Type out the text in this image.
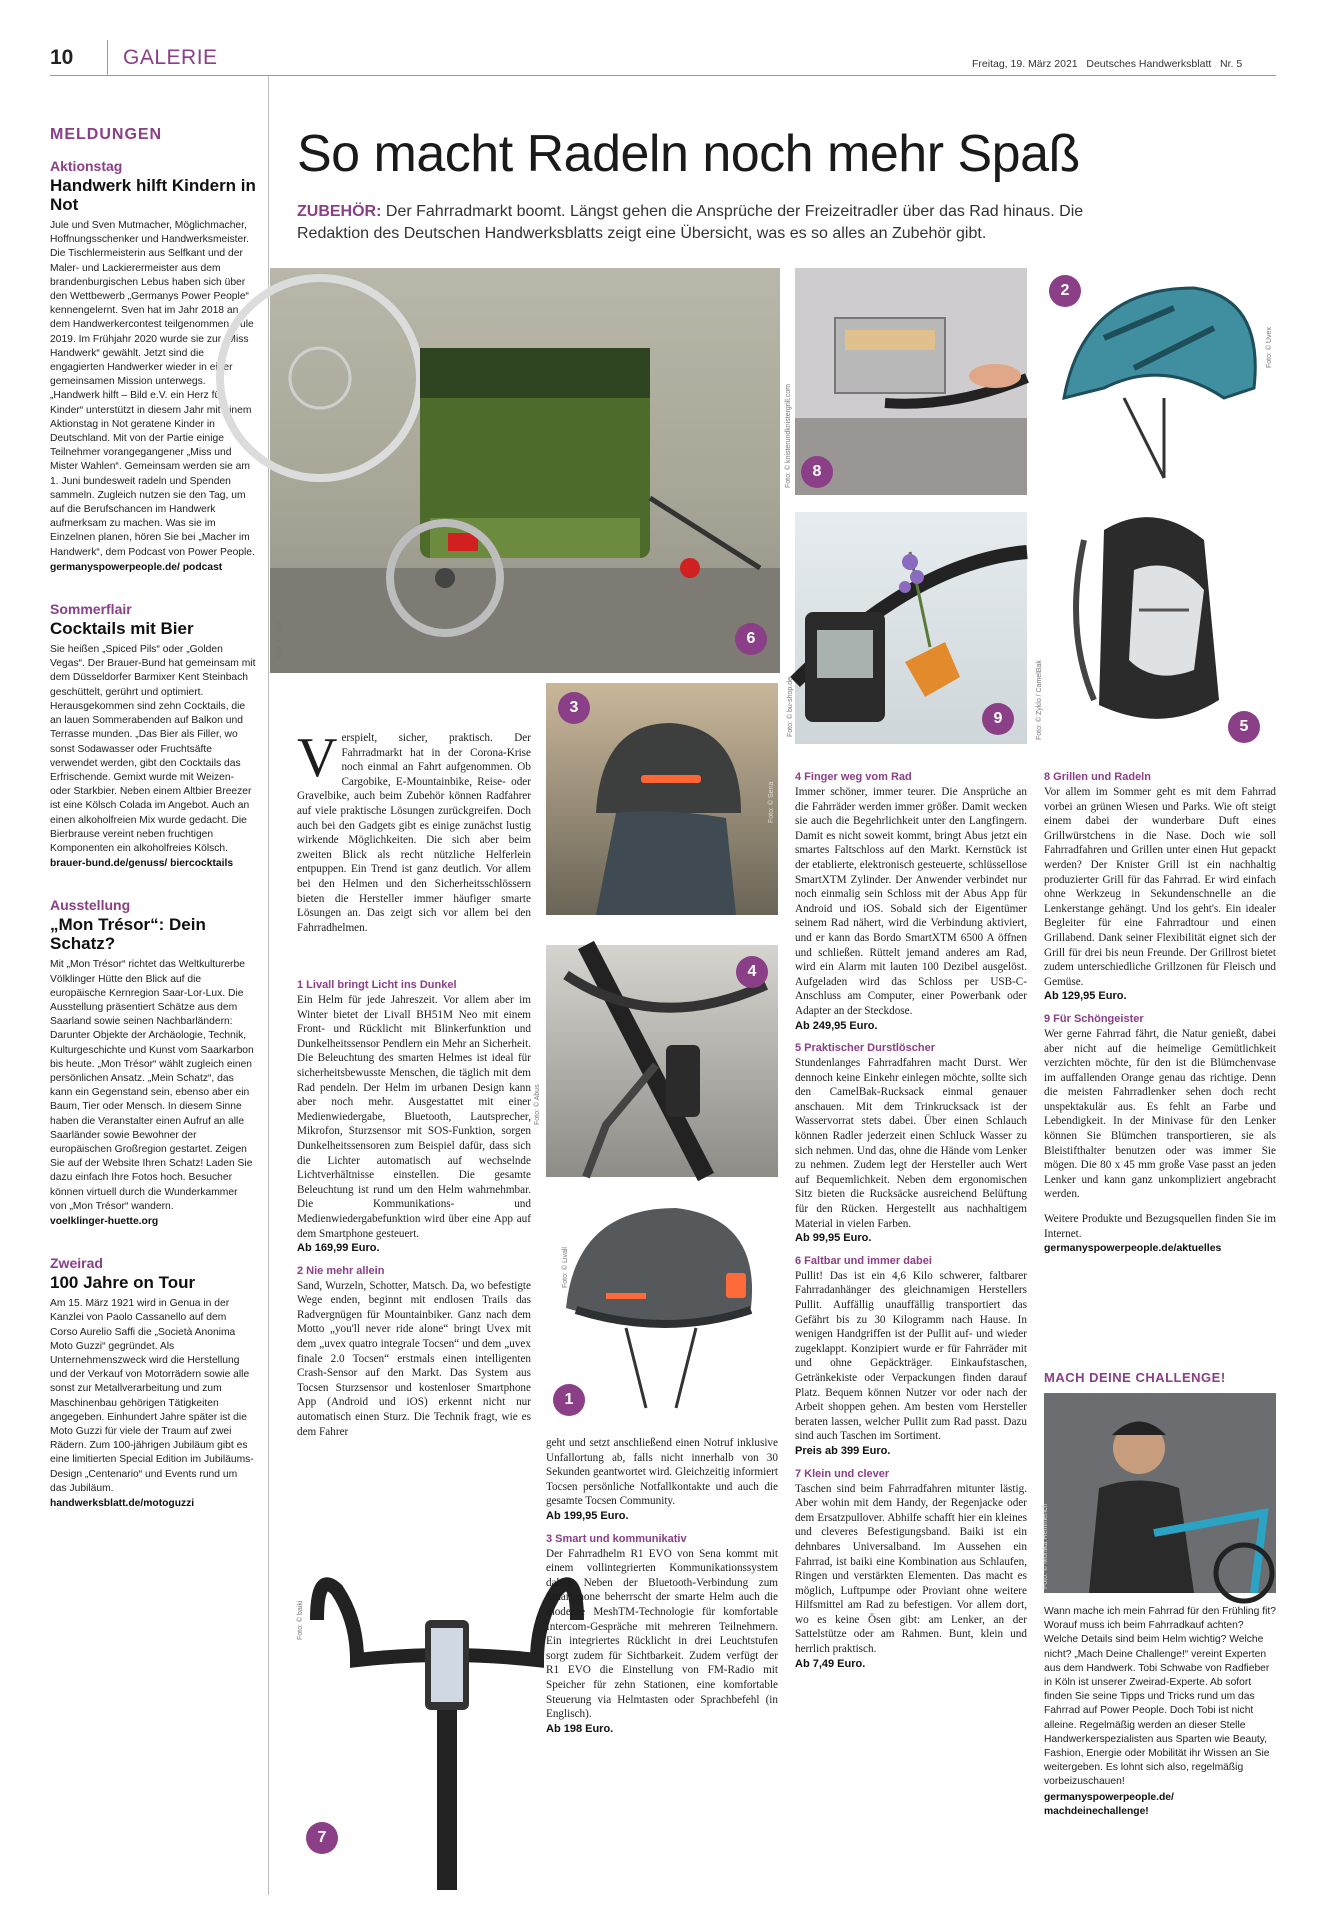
10 GALERIE	Freitag, 19. März 2021   Deutsches Handwerksblatt   Nr. 5
MELDUNGEN
Aktionstag
Handwerk hilft Kindern in Not
Jule und Sven Mutmacher, Möglichmacher, Hoffnungsschenker und Handwerksmeister. Die Tischlermeisterin aus Selfkant und der Maler- und Lackierermeister aus dem brandenburgischen Lebus haben sich über den Wettbewerb „Germanys Power People“ kennengelernt. Sven hat im Jahr 2018 an dem Handwerkercontest teilgenommen, Jule 2019. Im Frühjahr 2020 wurde sie zur „Miss Handwerk“ gewählt. Jetzt sind die engagierten Handwerker wieder in einer gemeinsamen Mission unterwegs. „Handwerk hilft – Bild e.V. ein Herz für Kinder“ unterstützt in diesem Jahr mit einem Aktionstag in Not geratene Kinder in Deutschland. Mit von der Partie einige Teilnehmer vorangegangener „Miss und Mister Wahlen“. Gemeinsam werden sie am 1. Juni bundesweit radeln und Spenden sammeln. Zugleich nutzen sie den Tag, um auf die Berufschancen im Handwerk aufmerksam zu machen. Was sie im Einzelnen planen, hören Sie bei „Macher im Handwerk“, dem Podcast von Power People.
germanyspowerpeople.de/ podcast
Sommerflair
Cocktails mit Bier
Sie heißen „Spiced Pils“ oder „Golden Vegas“. Der Brauer-Bund hat gemeinsam mit dem Düsseldorfer Barmixer Kent Steinbach geschüttelt, gerührt und optimiert. Herausgekommen sind zehn Cocktails, die an lauen Sommerabenden auf Balkon und Terrasse munden. „Das Bier als Filler, wo sonst Sodawasser oder Fruchtsäfte verwendet werden, gibt den Cocktails das Erfrischende. Gemixt wurde mit Weizen- oder Starkbier. Neben einem Altbier Breezer ist eine Kölsch Colada im Angebot. Auch an einen alkoholfreien Mix wurde gedacht. Die Bierbrause vereint neben fruchtigen Komponenten ein alkoholfreies Kölsch.
brauer-bund.de/genuss/ biercocktails
Ausstellung
„Mon Trésor“: Dein Schatz?
Mit „Mon Trésor“ richtet das Weltkulturerbe Völklinger Hütte den Blick auf die europäische Kernregion Saar-Lor-Lux. Die Ausstellung präsentiert Schätze aus dem Saarland sowie seinen Nachbarländern: Darunter Objekte der Archäologie, Technik, Kulturgeschichte und Kunst vom Saarkarbon bis heute. „Mon Trésor“ wählt zugleich einen persönlichen Ansatz. „Mein Schatz“, das kann ein Gegenstand sein, ebenso aber ein Baum, Tier oder Mensch. In diesem Sinne haben die Veranstalter einen Aufruf an alle Saarländer sowie Bewohner der europäischen Großregion gestartet. Zeigen Sie auf der Website Ihren Schatz! Laden Sie dazu einfach Ihre Fotos hoch. Besucher können virtuell durch die Wunderkammer von „Mon Trésor“ wandern.
voelklinger-huette.org
Zweirad
100 Jahre on Tour
Am 15. März 1921 wird in Genua in der Kanzlei von Paolo Cassanello auf dem Corso Aurelio Saffi die „Società Anonima Moto Guzzi“ gegründet. Als Unternehmenszweck wird die Herstellung und der Verkauf von Motorrädern sowie alle sonst zur Metallverarbeitung und zum Maschinenbau gehörigen Tätigkeiten angegeben. Einhundert Jahre später ist die Moto Guzzi für viele der Traum auf zwei Rädern. Zum 100-jährigen Jubiläum gibt es eine limitierten Special Edition im Jubiläums-Design „Centenario“ und Events rund um das Jubiläum.
handwerksblatt.de/motoguzzi
So macht Radeln noch mehr Spaß
ZUBEHÖR: Der Fahrradmarkt boomt. Längst gehen die Ansprüche der Freizeitradler über das Rad hinaus. Die Redaktion des Deutschen Handwerksblatts zeigt eine Übersicht, was es so alles an Zubehör gibt.
Foto: © Pullit	6
Foto: © knisterundknistergrill.com	8
Foto: © Uvex
2
Foto: © bu-shop.de	9	Foto: © Zyklo / CamelBak	5
V erspielt, sicher, praktisch. Der Fahrradmarkt hat in der Corona-Krise noch einmal an Fahrt aufgenommen. Ob Cargobike, E-Mountainbike, Reise- oder Gravelbike, auch beim Zubehör können Radfahrer auf viele praktische Lösungen zurückgreifen. Doch auch bei den Gadgets gibt es einige zunächst lustig wirkende Möglichkeiten. Die sich aber beim zweiten Blick als recht nützliche Helferlein entpuppen. Ein Trend ist ganz deutlich. Vor allem bei den Helmen und den Sicherheitsschlössern bieten die Hersteller immer häufiger smarte Lösungen an. Das zeigt sich vor allem bei den Fahrradhelmen.

Foto: © Sena
3
Foto: © Abus
4
Foto: © Livall
1
Foto: © baiki
7
1 Livall bringt Licht ins Dunkel

Ein Helm für jede Jahreszeit. Vor allem aber im Winter bietet der Livall BH51M Neo mit einem Front- und Rücklicht mit Blinkerfunktion und Dunkelheitssensor Pendlern ein Mehr an Sicherheit. Die Beleuchtung des smarten Helmes ist ideal für sicherheitsbewusste Menschen, die täglich mit dem Rad pendeln. Der Helm im urbanen Design kann aber noch mehr. Ausgestattet mit einer Medienwiedergabe, Bluetooth, Lautsprecher, Mikrofon, Sturzsensor mit SOS-Funktion, sorgen Dunkelheitssensoren zum Beispiel dafür, dass sich die Lichter automatisch auf wechselnde Lichtverhältnisse einstellen. Die gesamte Beleuchtung ist rund um den Helm wahrnehmbar. Die Kommunikations- und Medienwiedergabefunktion wird über eine App auf dem Smartphone gesteuert.

Ab 169,99 Euro.
2 Nie mehr allein

Sand, Wurzeln, Schotter, Matsch. Da, wo befestigte Wege enden, beginnt mit endlosen Trails das Radvergnügen für Mountainbiker. Ganz nach dem Motto „you'll never ride alone“ bringt Uvex mit dem „uvex quatro integrale Tocsen“ und dem „uvex finale 2.0 Tocsen“ erstmals einen intelligenten Crash-Sensor auf den Markt. Das System aus Tocsen Sturzsensor und kostenloser Smartphone App (Android und iOS) erkennt nicht nur automatisch einen Sturz. Die Technik fragt, wie es dem Fahrer

geht und setzt anschließend einen Notruf inklusive Unfallortung ab, falls nicht innerhalb von 30 Sekunden geantwortet wird. Gleichzeitig informiert Tocsen persönliche Notfallkontakte und auch die gesamte Tocsen Community.

Ab 199,95 Euro.
3 Smart und kommunikativ

Der Fahrradhelm R1 EVO von Sena kommt mit einem vollintegrierten Kommunikationssystem daher. Neben der Bluetooth-Verbindung zum Smartphone beherrscht der smarte Helm auch die moderne MeshTM-Technologie für komfortable Intercom-Gespräche mit mehreren Teilnehmern. Ein integriertes Rücklicht in drei Leuchtstufen sorgt zudem für Sichtbarkeit. Zudem verfügt der R1 EVO die Einstellung von FM-Radio mit Speicher für zehn Stationen, eine komfortable Steuerung via Helmtasten oder Sprachbefehl (in Englisch).

Ab 198 Euro.
4 Finger weg vom Rad

Immer schöner, immer teurer. Die Ansprüche an die Fahrräder werden immer größer. Damit wecken sie auch die Begehrlichkeit unter den Langfingern. Damit es nicht soweit kommt, bringt Abus jetzt ein smartes Faltschloss auf den Markt. Kernstück ist der etablierte, elektronisch gesteuerte, schlüssellose SmartXTM Zylinder. Der Anwender verbindet nur noch einmalig sein Schloss mit der Abus App für Android und iOS. Sobald sich der Eigentümer seinem Rad nähert, wird die Verbindung aktiviert, und er kann das Bordo SmartXTM 6500 A öffnen und schließen. Rüttelt jemand anderes am Rad, wird ein Alarm mit lauten 100 Dezibel ausgelöst. Aufgeladen wird das Schloss per USB-C-Anschluss am Computer, einer Powerbank oder Adapter an der Steckdose.

Ab 249,95 Euro.
5 Praktischer Durstlöscher

Stundenlanges Fahrradfahren macht Durst. Wer dennoch keine Einkehr einlegen möchte, sollte sich den CamelBak-Rucksack einmal genauer anschauen. Mit dem Trinkrucksack ist der Wasservorrat stets dabei. Über einen Schlauch können Radler jederzeit einen Schluck Wasser zu sich nehmen. Und das, ohne die Hände vom Lenker zu nehmen. Zudem legt der Hersteller auch Wert auf Bequemlichkeit. Neben dem ergonomischen Sitz bieten die Rucksäcke ausreichend Belüftung für den Rücken. Hergestellt aus nachhaltigem Material in vielen Farben.

Ab 99,95 Euro.
6 Faltbar und immer dabei

Pullit! Das ist ein 4,6 Kilo schwerer, faltbarer Fahrradanhänger des gleichnamigen Herstellers Pullit. Auffällig unauffällig transportiert das Gefährt bis zu 30 Kilogramm nach Hause. In wenigen Handgriffen ist der Pullit auf- und wieder zugeklappt. Konzipiert wurde er für Fahrräder mit und ohne Gepäckträger. Einkaufstaschen, Getränkekiste oder Verpackungen finden darauf Platz. Bequem können Nutzer vor oder nach der Arbeit shoppen gehen. Am besten vom Hersteller beraten lassen, welcher Pullit zum Rad passt. Dazu sind auch Taschen im Sortiment.

Preis ab 399 Euro.
7 Klein und clever

Taschen sind beim Fahrradfahren mitunter lästig. Aber wohin mit dem Handy, der Regenjacke oder dem Ersatzpullover. Abhilfe schafft hier ein kleines und cleveres Befestigungsband. Baiki ist ein dehnbares Universalband. Im Aussehen ein Fahrrad, ist baiki eine Kombination aus Schlaufen, Ringen und verstärkten Elementen. Das macht es möglich, Luftpumpe oder Proviant ohne weitere Hilfsmittel am Rad zu befestigen. Vor allem dort, wo es keine Ösen gibt: am Lenker, an der Sattelstütze oder am Rahmen. Bunt, klein und herrlich praktisch.

Ab 7,49 Euro.
8 Grillen und Radeln

Vor allem im Sommer geht es mit dem Fahrrad vorbei an grünen Wiesen und Parks. Wie oft steigt einem dabei der wunderbare Duft eines Grillwürstchens in die Nase. Doch wie soll Fahrradfahren und Grillen unter einen Hut gepackt werden? Der Knister Grill ist ein nachhaltig produzierter Grill für das Fahrrad. Er wird einfach ohne Werkzeug in Sekundenschnelle an die Lenkerstange gehängt. Und los geht's. Ein idealer Begleiter für eine Fahrradtour und einen Grillabend. Dank seiner Flexibilität eignet sich der Grill für drei bis neun Freunde. Der Grillrost bietet zudem unterschiedliche Grillzonen für Fleisch und Gemüse.

Ab 129,95 Euro.
9 Für Schöngeister

Wer gerne Fahrrad fährt, die Natur genießt, dabei aber nicht auf die heimelige Gemütlichkeit verzichten möchte, für den ist die Blümchenvase im auffallenden Orange genau das richtige. Denn die meisten Fahrradlenker sehen doch recht unspektakulär aus. Es fehlt an Farbe und Lebendigkeit. In der Minivase für den Lenker können Sie Blümchen transportieren, sie als Bleistifthalter benutzen oder was immer Sie mögen. Die 80 x 45 mm große Vase passt an jeden Lenker und kann ganz unkompliziert angebracht werden.

Weitere Produkte und Bezugsquellen finden Sie im Internet.

germanyspowerpeople.de/aktuelles
MACH DEINE CHALLENGE!
Foto: © Monika Hemmerich
Wann mache ich mein Fahrrad für den Frühling fit? Worauf muss ich beim Fahrradkauf achten? Welche Details sind beim Helm wichtig? Welche nicht? „Mach Deine Challenge!“ vereint Experten aus dem Handwerk. Tobi Schwabe von Radfieber in Köln ist unserer Zweirad-Experte. Ab sofort finden Sie seine Tipps und Tricks rund um das Fahrrad auf Power People. Doch Tobi ist nicht alleine. Regelmäßig werden an dieser Stelle Handwerkerspezialisten aus Sparten wie Beauty, Fashion, Energie oder Mobilität ihr Wissen an Sie weitergeben. Es lohnt sich also, regelmäßig vorbeizuschauen!
germanyspowerpeople.de/ machdeinechallenge!
